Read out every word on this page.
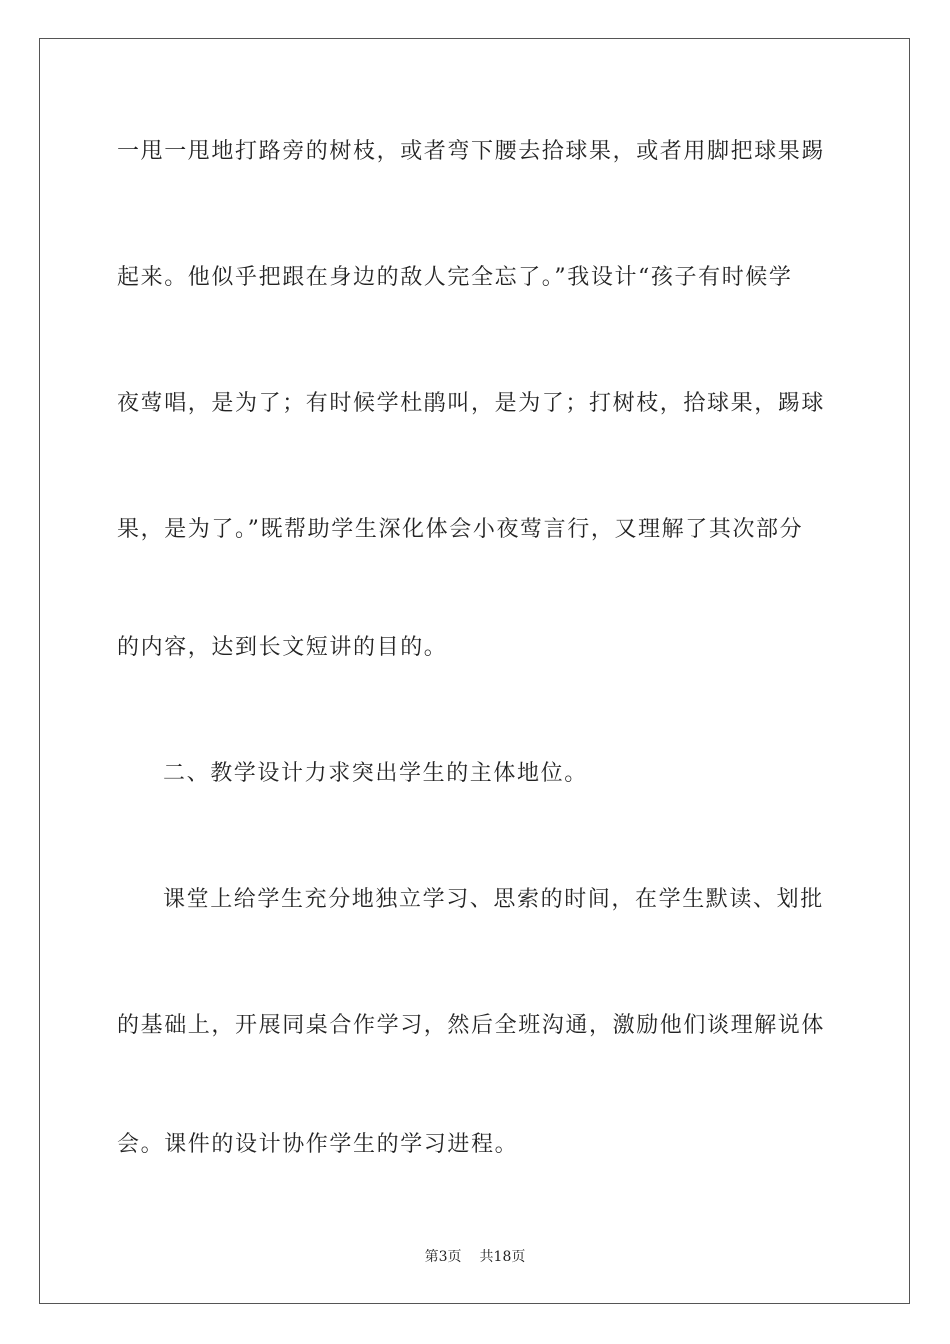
一甩一甩地打路旁的树枝，或者弯下腰去拾球果，或者用脚把球果踢
起来。他似乎把跟在身边的敌人完全忘了。”我设计“孩子有时候学
夜莺唱，是为了；有时候学杜鹃叫，是为了；打树枝，拾球果，踢球
果，是为了。”既帮助学生深化体会小夜莺言行，又理解了其次部分
的内容，达到长文短讲的目的。
二、教学设计力求突出学生的主体地位。
课堂上给学生充分地独立学习、思索的时间，在学生默读、划批
的基础上，开展同桌合作学习，然后全班沟通，激励他们谈理解说体
会。课件的设计协作学生的学习进程。
第3页 共18页
